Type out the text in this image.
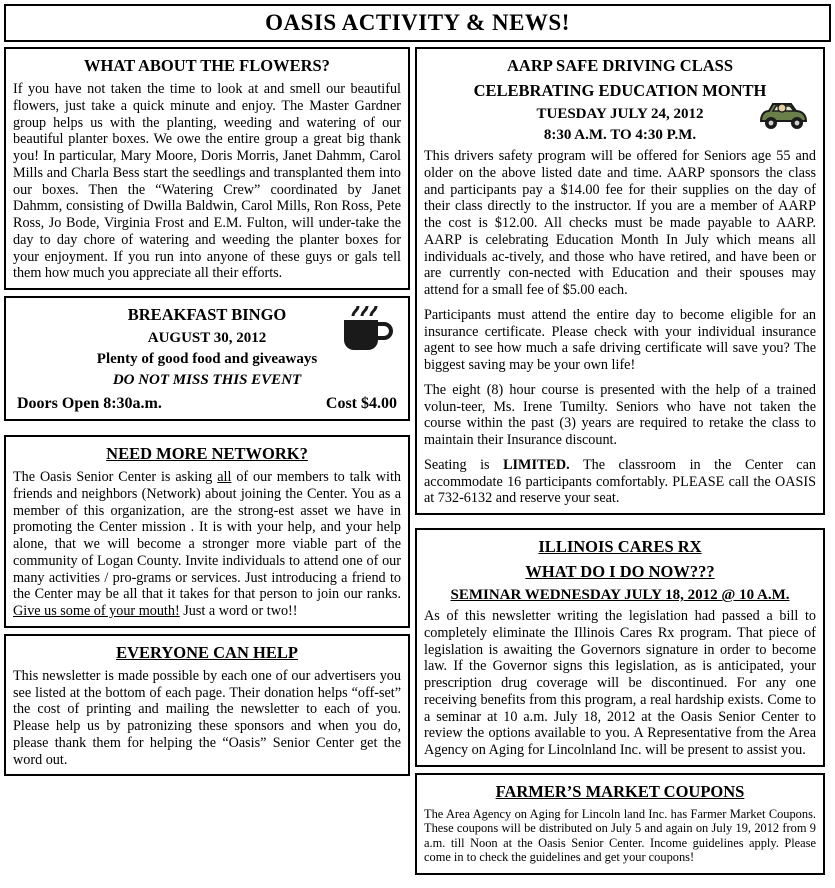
OASIS ACTIVITY & NEWS!
WHAT ABOUT THE FLOWERS?

If you have not taken the time to look at and smell our beautiful flowers, just take a quick minute and enjoy. The Master Gardner group helps us with the planting, weeding and watering of our beautiful planter boxes. We owe the entire group a great big thank you! In particular, Mary Moore, Doris Morris, Janet Dahmm, Carol Mills and Charla Bess start the seedlings and transplanted them into our boxes. Then the “Watering Crew” coordinated by Janet Dahmm, consisting of Dwilla Baldwin, Carol Mills, Ron Ross, Pete Ross, Jo Bode, Virginia Frost and E.M. Fulton, will under-take the day to day chore of watering and weeding the planter boxes for your enjoyment. If you run into anyone of these guys or gals tell them how much you appreciate all their efforts.

BREAKFAST BINGO
AUGUST 30, 2012
Plenty of good food and giveaways
DO NOT MISS THIS EVENT
Doors Open 8:30a.m.	Cost $4.00
NEED MORE NETWORK?

The Oasis Senior Center is asking all of our members to talk with friends and neighbors (Network) about joining the Center. You as a member of this organization, are the strong-est asset we have in promoting the Center mission . It is with your help, and your help alone, that we will become a stronger more viable part of the community of Logan County. Invite individuals to attend one of our many activities / pro-grams or services. Just introducing a friend to the Center may be all that it takes for that person to join our ranks. Give us some of your mouth! Just a word or two!!

EVERYONE CAN HELP

This newsletter is made possible by each one of our advertisers you see listed at the bottom of each page. Their donation helps “off-set” the cost of printing and mailing the newsletter to each of you. Please help us by patronizing these sponsors and when you do, please thank them for helping the “Oasis” Senior Center get the word out.

AARP SAFE DRIVING CLASS
CELEBRATING EDUCATION MONTH
TUESDAY JULY 24, 2012
8:30 A.M. TO 4:30 P.M.

This drivers safety program will be offered for Seniors age 55 and older on the above listed date and time. AARP sponsors the class and participants pay a $14.00 fee for their supplies on the day of their class directly to the instructor. If you are a member of AARP the cost is $12.00. All checks must be made payable to AARP. AARP is celebrating Education Month In July which means all individuals ac-tively, and those who have retired, and have been or are currently con-nected with Education and their spouses may attend for a small fee of $5.00 each.

Participants must attend the entire day to become eligible for an insurance certificate. Please check with your individual insurance agent to see how much a safe driving certificate will save you? The biggest saving may be your own life!

The eight (8) hour course is presented with the help of a trained volun-teer, Ms. Irene Tumilty. Seniors who have not taken the course within the past (3) years are required to retake the class to maintain their Insurance discount.

Seating is LIMITED. The classroom in the Center can accommodate 16 participants comfortably. PLEASE call the OASIS at 732-6132 and reserve your seat.

ILLINOIS CARES RX
WHAT DO I DO NOW???
SEMINAR WEDNESDAY JULY 18, 2012 @ 10 A.M.

As of this newsletter writing the legislation had passed a bill to completely eliminate the Illinois Cares Rx program. That piece of legislation is awaiting the Governors signature in order to become law. If the Governor signs this legislation, as is anticipated, your prescription drug coverage will be discontinued. For any one receiving benefits from this program, a real hardship exists. Come to a seminar at 10 a.m. July 18, 2012 at the Oasis Senior Center to review the options available to you. A Representative from the Area Agency on Aging for Lincolnland Inc. will be present to assist you.

FARMER’S MARKET COUPONS

The Area Agency on Aging for Lincoln land Inc. has Farmer Market Coupons. These coupons will be distributed on July 5 and again on July 19, 2012 from 9 a.m. till Noon at the Oasis Senior Center. Income guidelines apply. Please come in to check the guidelines and get your coupons!
